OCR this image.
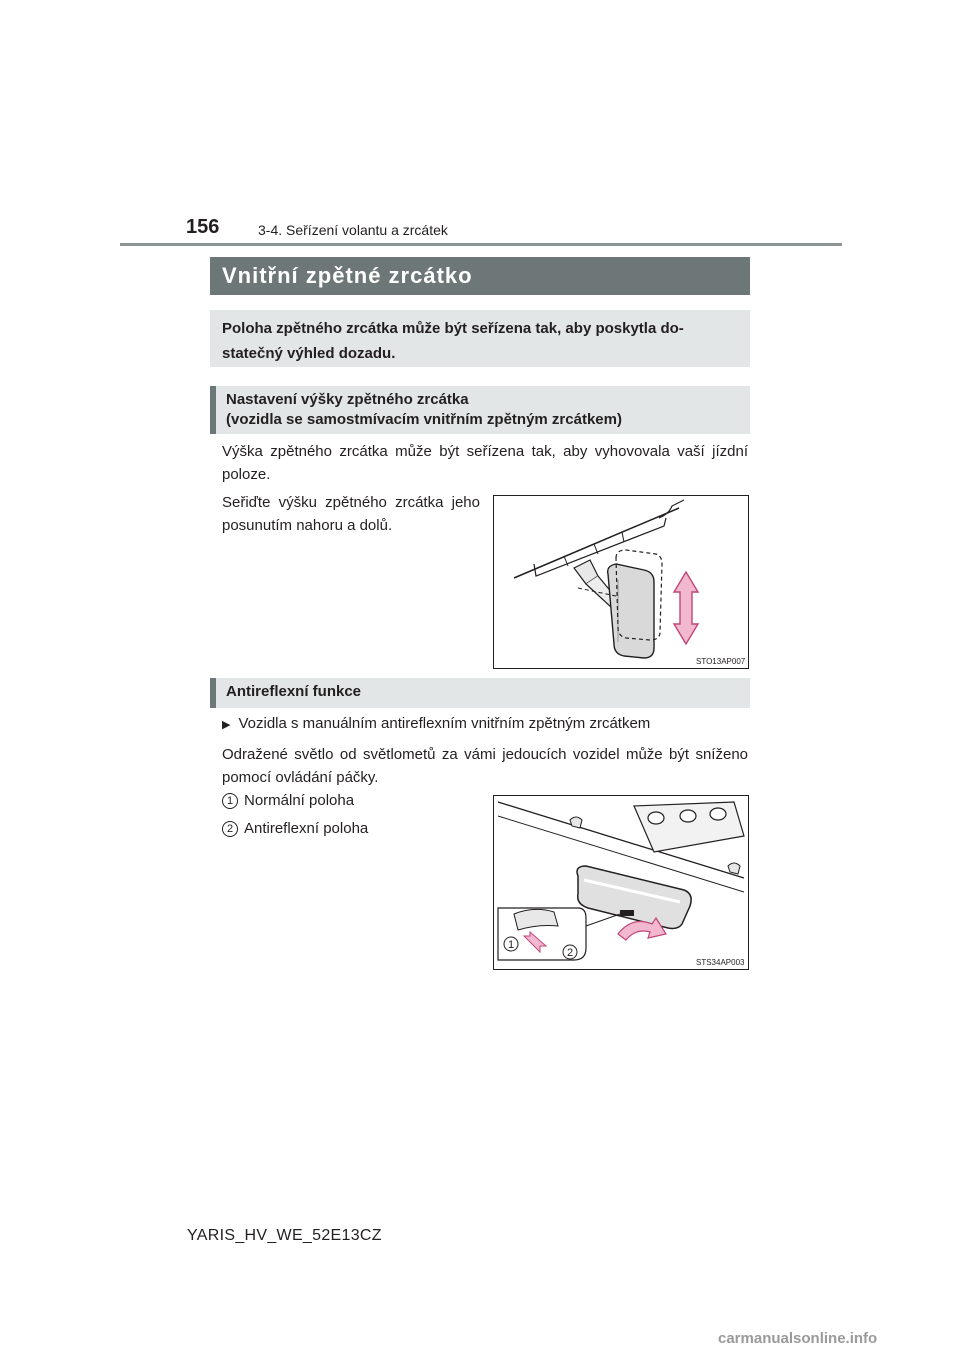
156	3-4. Seřízení volantu a zrcátek
Vnitřní zpětné zrcátko
Poloha zpětného zrcátka může být seřízena tak, aby poskytla do-statečný výhled dozadu.
Nastavení výšky zpětného zrcátka
(vozidla se samostmívacím vnitřním zpětným zrcátkem)
Výška zpětného zrcátka může být seřízena tak, aby vyhovovala vaší jízdní poloze.
Seřiďte výšku zpětného zrcátka jeho posunutím nahoru a dolů.
STO13AP007
Antireflexní funkce
▶ Vozidla s manuálním antireflexním vnitřním zpětným zrcátkem
Odražené světlo od světlometů za vámi jedoucích vozidel může být sníženo pomocí ovládání páčky.
1 Normální poloha
2 Antireflexní poloha
1
2
STS34AP003
YARIS_HV_WE_52E13CZ
carmanualsonline.info
